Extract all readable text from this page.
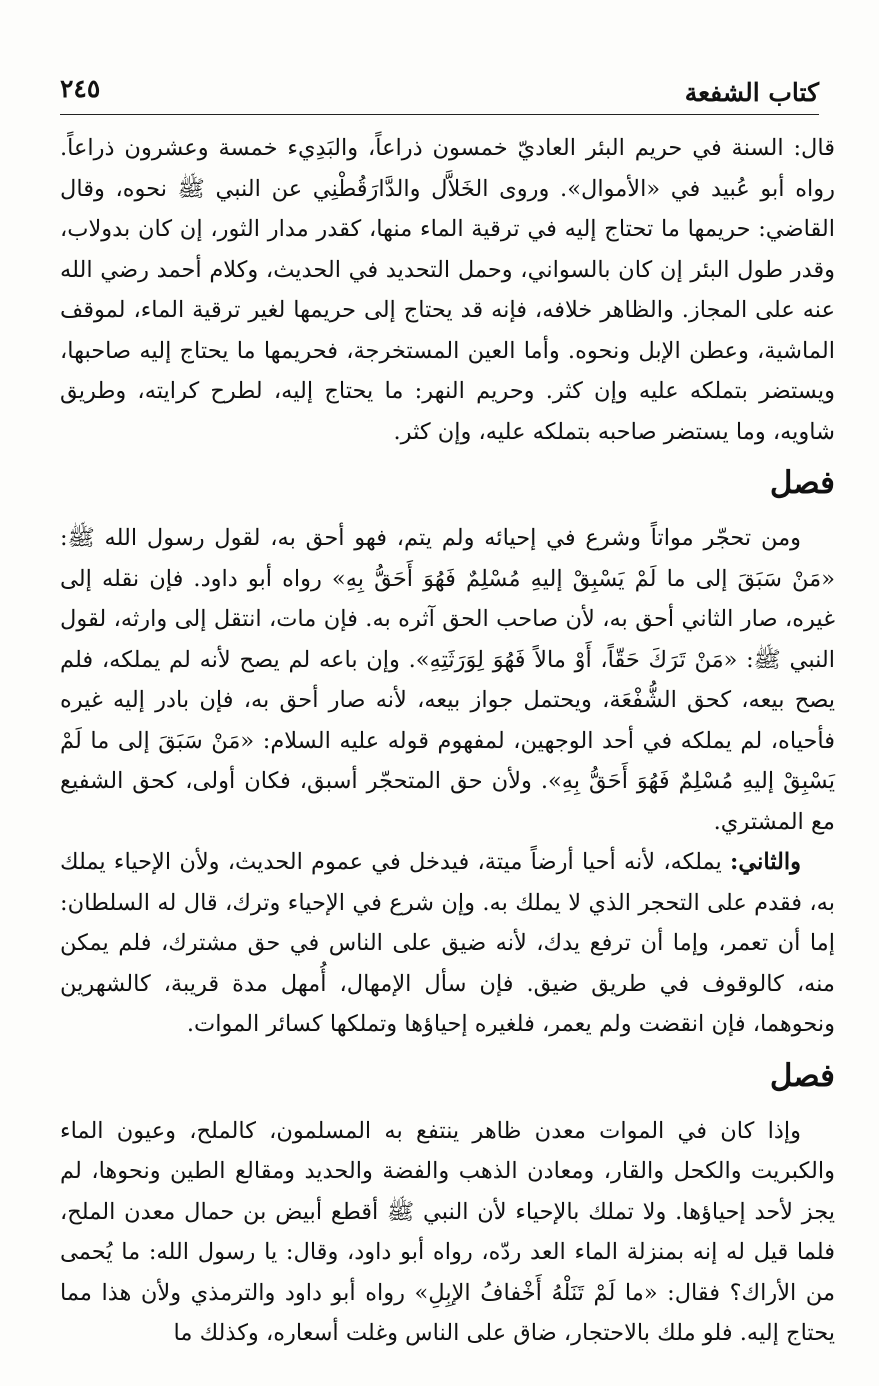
كتاب الشفعة
٢٤٥

قال: السنة في حريم البئر العاديّ خمسون ذراعاً، والبَدِيء خمسة وعشرون ذراعاً. رواه أبو عُبيد في «الأموال». وروى الخَلاَّل والدَّارَقُطْنِي عن النبي ﷺ نحوه، وقال القاضي: حريمها ما تحتاج إليه في ترقية الماء منها، كقدر مدار الثور، إن كان بدولاب، وقدر طول البئر إن كان بالسواني، وحمل التحديد في الحديث، وكلام أحمد رضي الله عنه على المجاز. والظاهر خلافه، فإنه قد يحتاج إلى حريمها لغير ترقية الماء، لموقف الماشية، وعطن الإبل ونحوه. وأما العين المستخرجة، فحريمها ما يحتاج إليه صاحبها، ويستضر بتملكه عليه وإن كثر. وحريم النهر: ما يحتاج إليه، لطرح كرايته، وطريق شاويه، وما يستضر صاحبه بتملكه عليه، وإن كثر.

فصل

ومن تحجّر مواتاً وشرع في إحيائه ولم يتم، فهو أحق به، لقول رسول الله ﷺ: «مَنْ سَبَقَ إلى ما لَمْ يَسْبِقْ إليهِ مُسْلِمٌ فَهُوَ أَحَقُّ بِهِ» رواه أبو داود. فإن نقله إلى غيره، صار الثاني أحق به، لأن صاحب الحق آثره به. فإن مات، انتقل إلى وارثه، لقول النبي ﷺ: «مَنْ تَرَكَ حَقّاً، أَوْ مالاً فَهُوَ لِوَرَثَتِهِ». وإن باعه لم يصح لأنه لم يملكه، فلم يصح بيعه، كحق الشُّفْعَة، ويحتمل جواز بيعه، لأنه صار أحق به، فإن بادر إليه غيره فأحياه، لم يملكه في أحد الوجهين، لمفهوم قوله عليه السلام: «مَنْ سَبَقَ إلى ما لَمْ يَسْبِقْ إليهِ مُسْلِمٌ فَهُوَ أَحَقُّ بِهِ». ولأن حق المتحجّر أسبق، فكان أولى، كحق الشفيع مع المشتري.

والثاني: يملكه، لأنه أحيا أرضاً ميتة، فيدخل في عموم الحديث، ولأن الإحياء يملك به، فقدم على التحجر الذي لا يملك به. وإن شرع في الإحياء وترك، قال له السلطان: إما أن تعمر، وإما أن ترفع يدك، لأنه ضيق على الناس في حق مشترك، فلم يمكن منه، كالوقوف في طريق ضيق. فإن سأل الإمهال، أُمهل مدة قريبة، كالشهرين ونحوهما، فإن انقضت ولم يعمر، فلغيره إحياؤها وتملكها كسائر الموات.

فصل

وإذا كان في الموات معدن ظاهر ينتفع به المسلمون، كالملح، وعيون الماء والكبريت والكحل والقار، ومعادن الذهب والفضة والحديد ومقالع الطين ونحوها، لم يجز لأحد إحياؤها. ولا تملك بالإحياء لأن النبي ﷺ أقطع أبيض بن حمال معدن الملح، فلما قيل له إنه بمنزلة الماء العد ردّه، رواه أبو داود، وقال: يا رسول الله: ما يُحمى من الأراك؟ فقال: «ما لَمْ تَنَلْهُ أَخْفافُ الإبِلِ» رواه أبو داود والترمذي ولأن هذا مما يحتاج إليه. فلو ملك بالاحتجار، ضاق على الناس وغلت أسعاره، وكذلك ما
